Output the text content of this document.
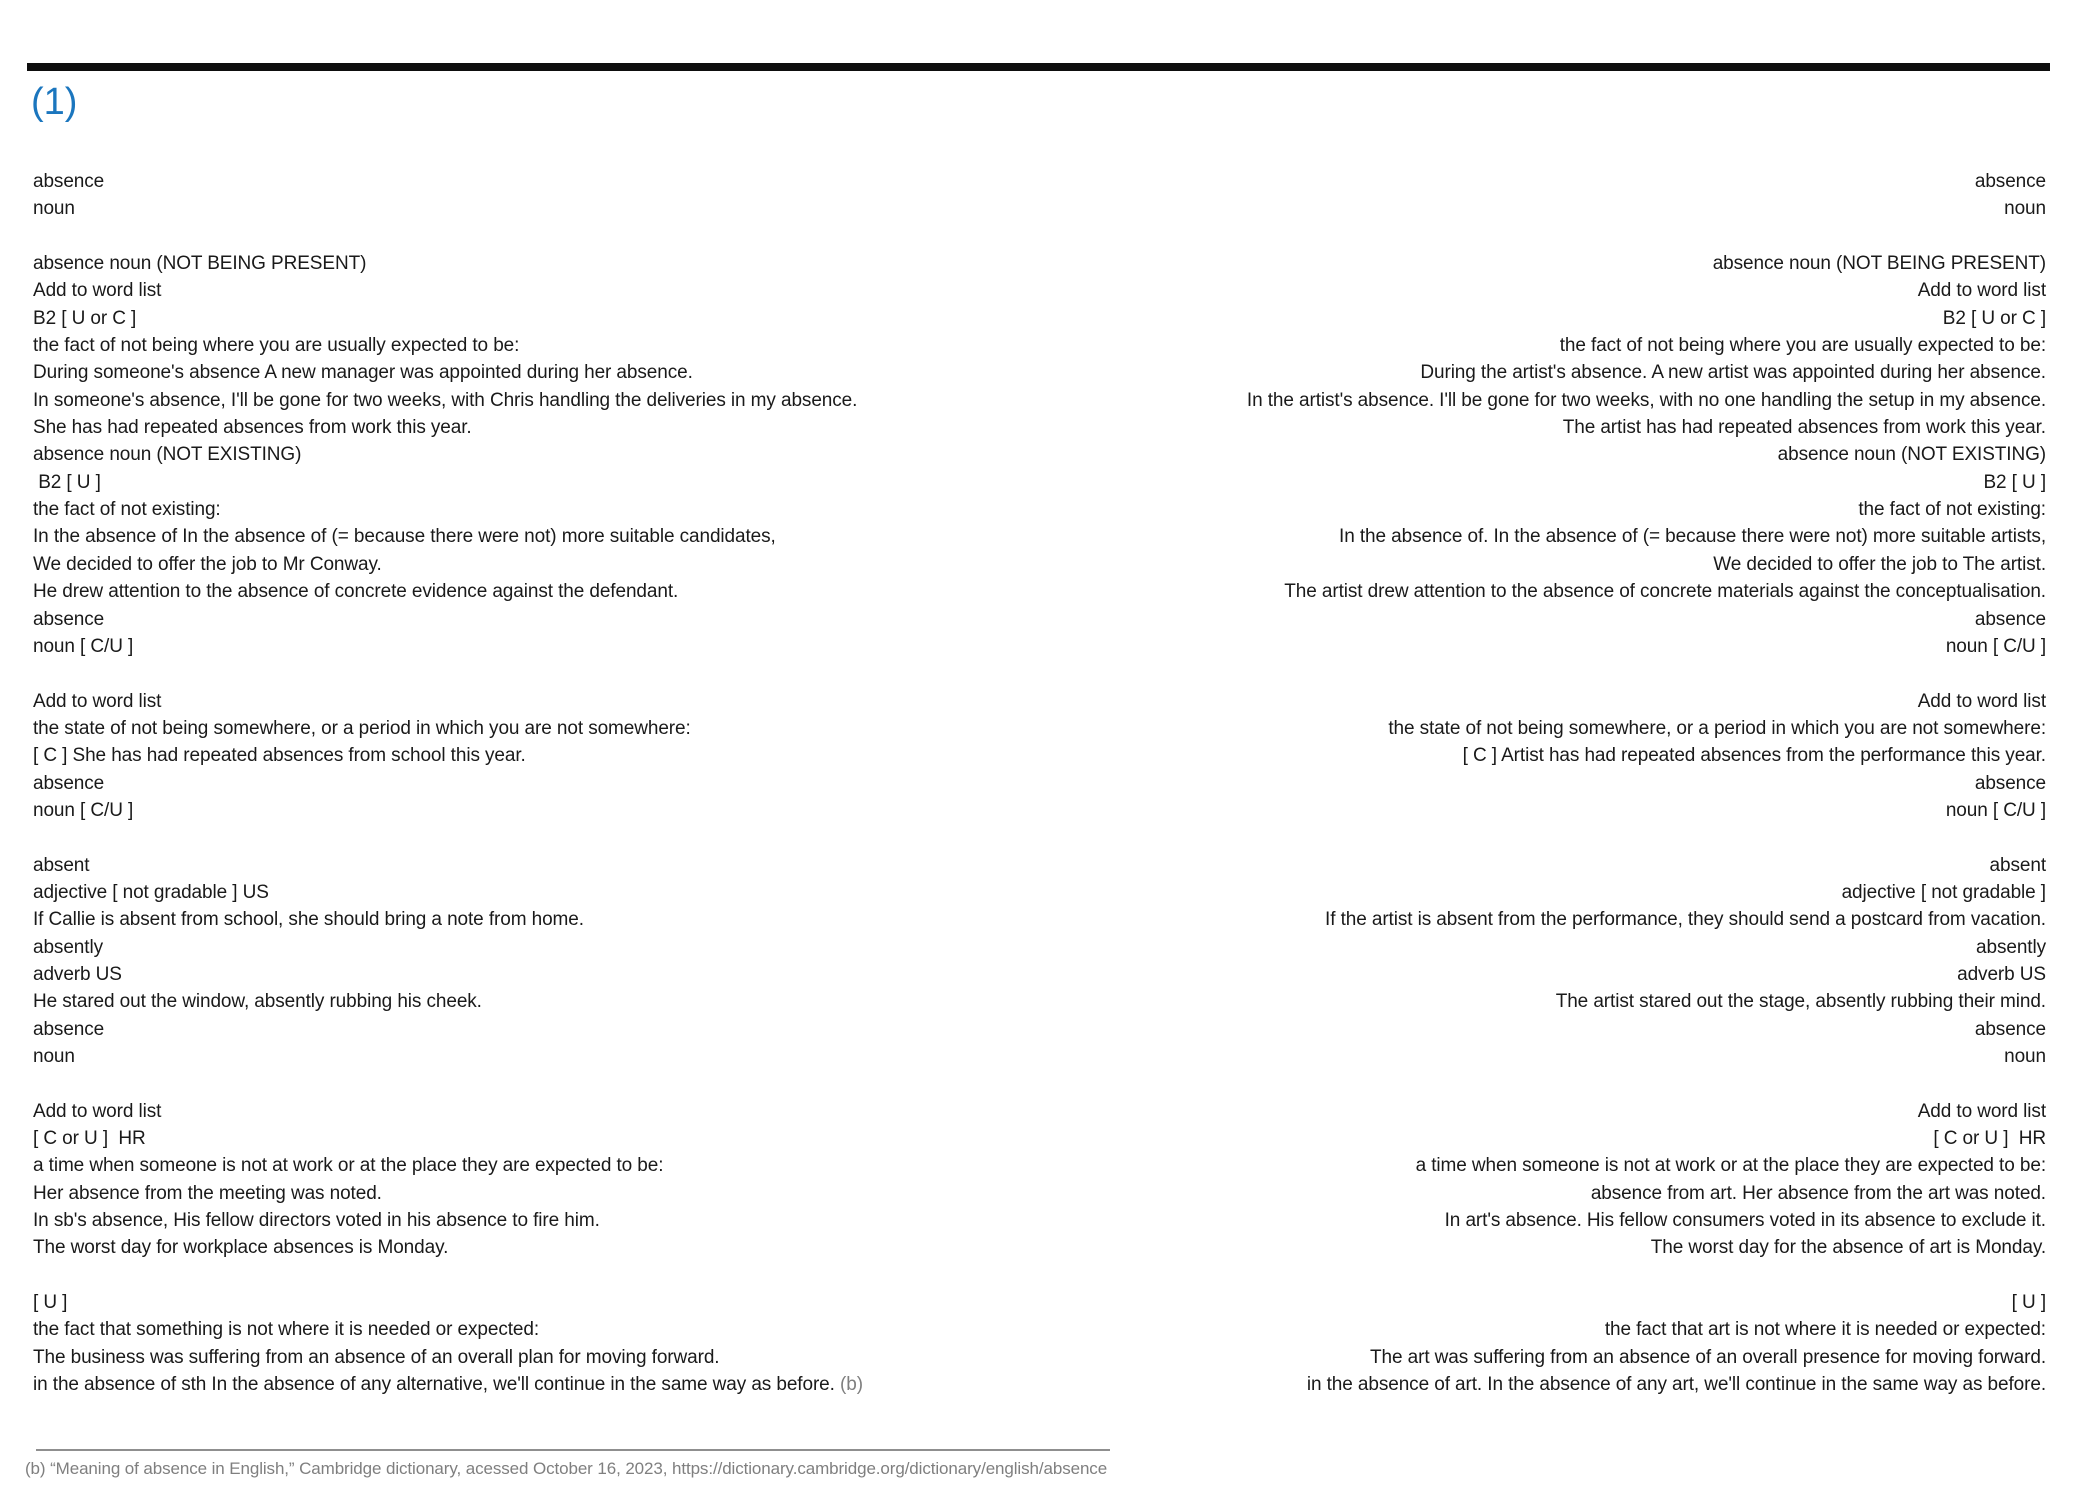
(1)
absence
noun

absence noun (NOT BEING PRESENT)
Add to word list
B2 [ U or C ]
the fact of not being where you are usually expected to be:
During someone's absence A new manager was appointed during her absence.
In someone's absence, I'll be gone for two weeks, with Chris handling the deliveries in my absence.
She has had repeated absences from work this year.
absence noun (NOT EXISTING)
B2 [ U ]
the fact of not existing:
In the absence of In the absence of (= because there were not) more suitable candidates,
We decided to offer the job to Mr Conway.
He drew attention to the absence of concrete evidence against the defendant.
absence
noun [ C/U ]

Add to word list
the state of not being somewhere, or a period in which you are not somewhere:
[ C ] She has had repeated absences from school this year.
absence
noun [ C/U ]

absent
adjective [ not gradable ] US
If Callie is absent from school, she should bring a note from home.
absently
adverb US
He stared out the window, absently rubbing his cheek.
absence
noun

Add to word list
[ C or U ]  HR
a time when someone is not at work or at the place they are expected to be:
Her absence from the meeting was noted.
In sb's absence, His fellow directors voted in his absence to fire him.
The worst day for workplace absences is Monday.

[ U ]
the fact that something is not where it is needed or expected:
The business was suffering from an absence of an overall plan for moving forward.
in the absence of sth In the absence of any alternative, we'll continue in the same way as before. (b)
absence
noun

absence noun (NOT BEING PRESENT)
Add to word list
B2 [ U or C ]
the fact of not being where you are usually expected to be:
During the artist's absence. A new artist was appointed during her absence.
In the artist's absence. I'll be gone for two weeks, with no one handling the setup in my absence.
The artist has had repeated absences from work this year.
absence noun (NOT EXISTING)
B2 [ U ]
the fact of not existing:
In the absence of. In the absence of (= because there were not) more suitable artists,
We decided to offer the job to The artist.
The artist drew attention to the absence of concrete materials against the conceptualisation.
absence
noun [ C/U ]

Add to word list
the state of not being somewhere, or a period in which you are not somewhere:
[ C ] Artist has had repeated absences from the performance this year.
absence
noun [ C/U ]

absent
adjective [ not gradable ]
If the artist is absent from the performance, they should send a postcard from vacation.
absently
adverb US
The artist stared out the stage, absently rubbing their mind.
absence
noun

Add to word list
[ C or U ]  HR
a time when someone is not at work or at the place they are expected to be:
absence from art. Her absence from the art was noted.
In art's absence. His fellow consumers voted in its absence to exclude it.
The worst day for the absence of art is Monday.

[ U ]
the fact that art is not where it is needed or expected:
The art was suffering from an absence of an overall presence for moving forward.
in the absence of art. In the absence of any art, we'll continue in the same way as before.
(b) “Meaning of absence in English,” Cambridge dictionary, acessed October 16, 2023, https://dictionary.cambridge.org/dictionary/english/absence
